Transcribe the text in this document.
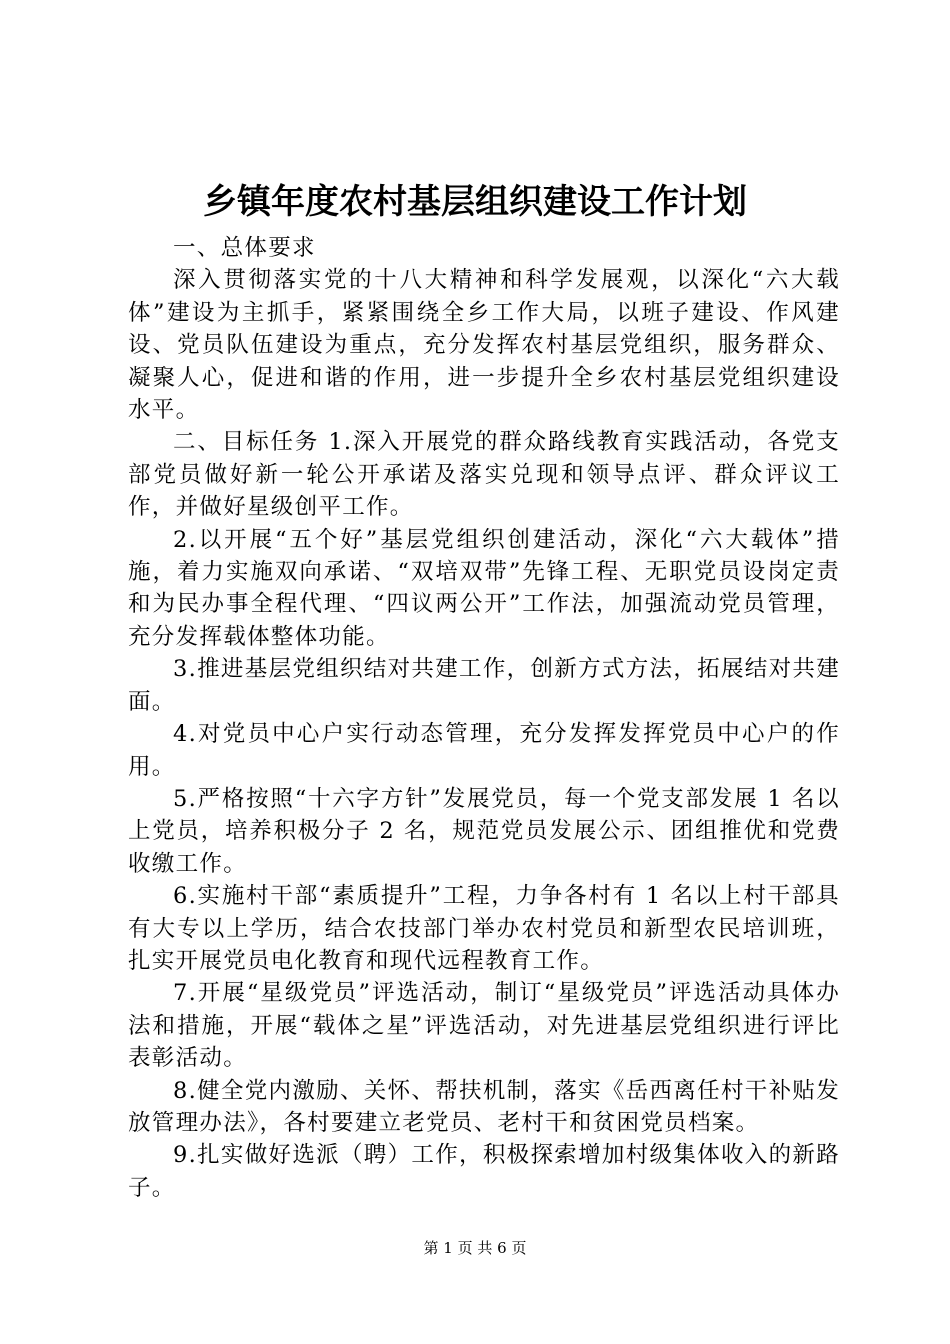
乡镇年度农村基层组织建设工作计划

一、总体要求

深入贯彻落实党的十八大精神和科学发展观，以深化“六大载体”建设为主抓手，紧紧围绕全乡工作大局，以班子建设、作风建设、党员队伍建设为重点，充分发挥农村基层党组织，服务群众、凝聚人心，促进和谐的作用，进一步提升全乡农村基层党组织建设水平。

二、目标任务 1.深入开展党的群众路线教育实践活动，各党支部党员做好新一轮公开承诺及落实兑现和领导点评、群众评议工作，并做好星级创平工作。

2.以开展“五个好”基层党组织创建活动，深化“六大载体”措施，着力实施双向承诺、“双培双带”先锋工程、无职党员设岗定责和为民办事全程代理、“四议两公开”工作法，加强流动党员管理，充分发挥载体整体功能。

3.推进基层党组织结对共建工作，创新方式方法，拓展结对共建面。

4.对党员中心户实行动态管理，充分发挥发挥党员中心户的作用。

5.严格按照“十六字方针”发展党员，每一个党支部发展 1 名以上党员，培养积极分子 2 名，规范党员发展公示、团组推优和党费收缴工作。

6.实施村干部“素质提升”工程，力争各村有 1 名以上村干部具有大专以上学历，结合农技部门举办农村党员和新型农民培训班，扎实开展党员电化教育和现代远程教育工作。

7.开展“星级党员”评选活动，制订“星级党员”评选活动具体办法和措施，开展“载体之星”评选活动，对先进基层党组织进行评比表彰活动。

8.健全党内激励、关怀、帮扶机制，落实《岳西离任村干补贴发放管理办法》，各村要建立老党员、老村干和贫困党员档案。

9.扎实做好选派（聘）工作，积极探索增加村级集体收入的新路子。

第 1 页 共 6 页
